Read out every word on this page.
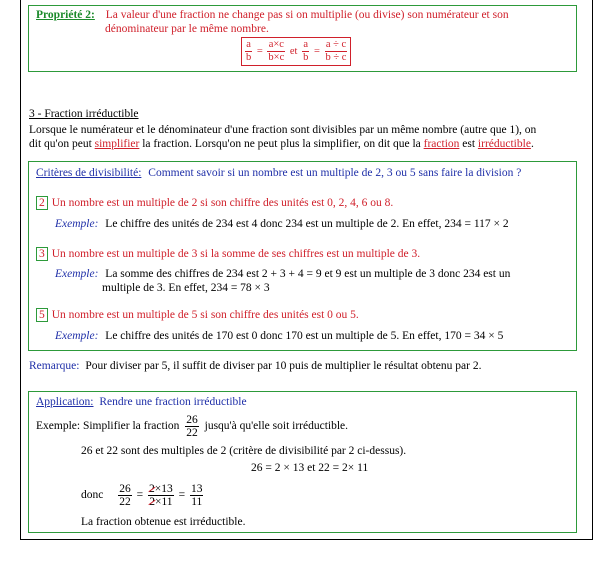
Propriété 2: La valeur d'une fraction ne change pas si on multiplie (ou divise) son numérateur et son
dénominateur par le même nombre.
$\frac{a}{b} = \frac{a\times c}{b\times c}$ et $\frac{a}{b} = \frac{a \div c}{b \div c}$
3 - Fraction irréductible
Lorsque le numérateur et le dénominateur d'une fraction sont divisibles par un même nombre (autre que 1), on
dit qu'on peut simplifier la fraction. Lorsqu'on ne peut plus la simplifier, on dit que la fraction est irréductible.
Critères de divisibilité: Comment savoir si un nombre est un multiple de 2, 3 ou 5 sans faire la division ?
2 Un nombre est un multiple de 2 si son chiffre des unités est 0, 2, 4, 6 ou 8.
Exemple: Le chiffre des unités de 234 est 4 donc 234 est un multiple de 2. En effet, 234 = 117 × 2
3 Un nombre est un multiple de 3 si la somme de ses chiffres est un multiple de 3.
Exemple: La somme des chiffres de 234 est 2 + 3 + 4 = 9 et 9 est un multiple de 3 donc 234 est un
multiple de 3. En effet, 234 = 78 × 3
5 Un nombre est un multiple de 5 si son chiffre des unités est 0 ou 5.
Exemple: Le chiffre des unités de 170 est 0 donc 170 est un multiple de 5. En effet, 170 = 34 × 5
Remarque: Pour diviser par 5, il suffit de diviser par 10 puis de multiplier le résultat obtenu par 2.
Application: Rendre une fraction irréductible
Exemple: Simplifier la fraction $\frac{26}{22}$ jusqu'à qu'elle soit irréductible.
26 et 22 sont des multiples de 2 (critère de divisibilité par 2 ci-dessus).
26 = 2 × 13 et 22 = 2× 11
donc $\frac{26}{22} = \frac{2\times 13}{2\times 11} = \frac{13}{11}$
La fraction obtenue est irréductible.
